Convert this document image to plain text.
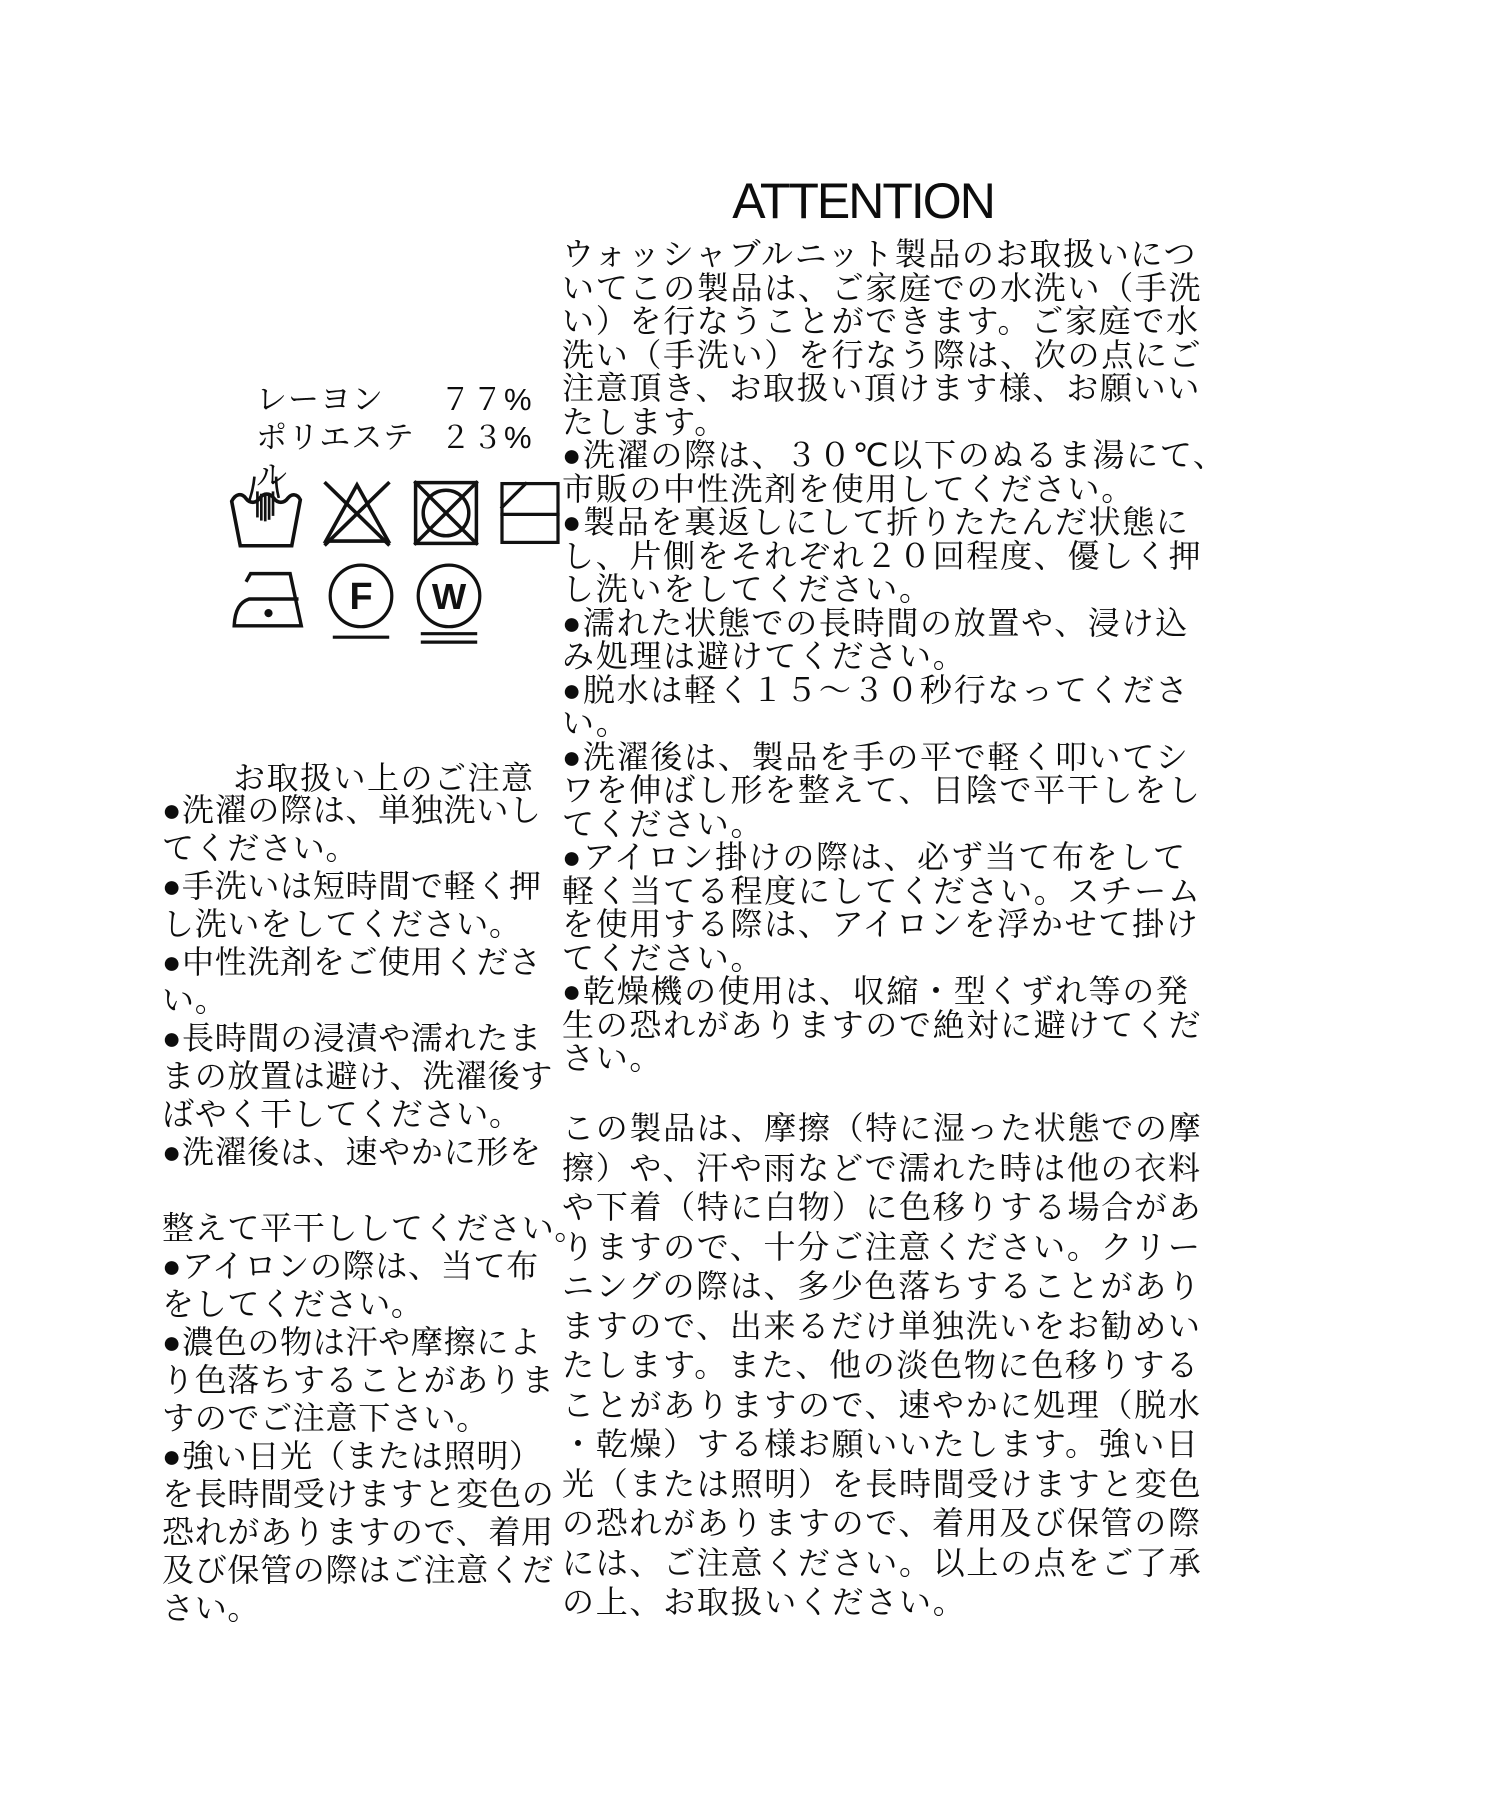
ATTENTION
レーヨン	７７%
ポリエステル
２３%
F W
お取扱い上のご注意
●洗濯の際は、単独洗いし
てください。
●手洗いは短時間で軽く押
し洗いをしてください。
●中性洗剤をご使用くださ
い。
●長時間の浸漬や濡れたま
まの放置は避け、洗濯後す
ばやく干してください。
●洗濯後は、速やかに形を
整えて平干ししてください。
●アイロンの際は、当て布
をしてください。
●濃色の物は汗や摩擦によ
り色落ちすることがありま
すのでご注意下さい。
●強い日光（または照明）
を長時間受けますと変色の
恐れがありますので、着用
及び保管の際はご注意くだ
さい。
ウォッシャブルニット製品のお取扱いにつ
いてこの製品は、ご家庭での水洗い（手洗
い）を行なうことができます。ご家庭で水
洗い（手洗い）を行なう際は、次の点にご
注意頂き、お取扱い頂けます様、お願いい
たします。
●洗濯の際は、３０℃以下のぬるま湯にて、
市販の中性洗剤を使用してください。
●製品を裏返しにして折りたたんだ状態に
し、片側をそれぞれ２０回程度、優しく押
し洗いをしてください。
●濡れた状態での長時間の放置や、浸け込
み処理は避けてください。
●脱水は軽く１５～３０秒行なってくださ
い。
●洗濯後は、製品を手の平で軽く叩いてシ
ワを伸ばし形を整えて、日陰で平干しをし
てください。
●アイロン掛けの際は、必ず当て布をして
軽く当てる程度にしてください。スチーム
を使用する際は、アイロンを浮かせて掛け
てください。
●乾燥機の使用は、収縮・型くずれ等の発
生の恐れがありますので絶対に避けてくだ
さい。
この製品は、摩擦（特に湿った状態での摩
擦）や、汗や雨などで濡れた時は他の衣料
や下着（特に白物）に色移りする場合があ
りますので、十分ご注意ください。クリー
ニングの際は、多少色落ちすることがあり
ますので、出来るだけ単独洗いをお勧めい
たします。また、他の淡色物に色移りする
ことがありますので、速やかに処理（脱水
・乾燥）する様お願いいたします。強い日
光（または照明）を長時間受けますと変色
の恐れがありますので、着用及び保管の際
には、ご注意ください。以上の点をご了承
の上、お取扱いください。
